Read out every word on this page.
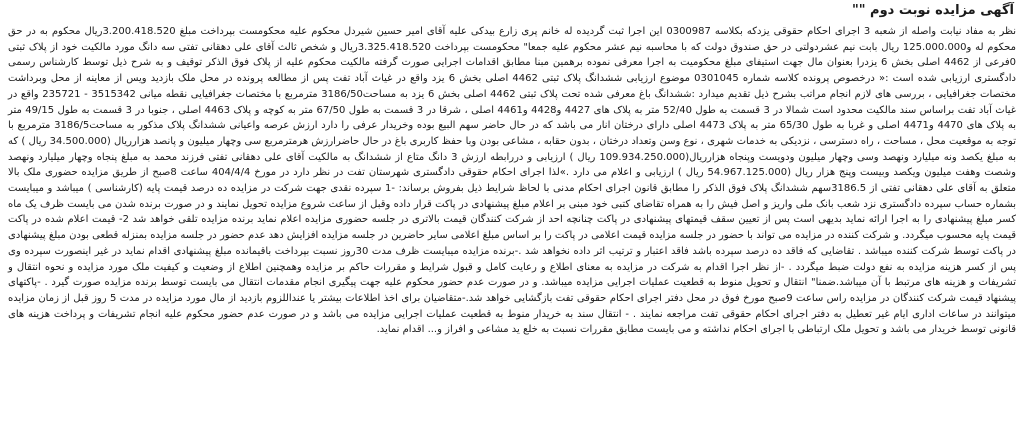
آگهی مزایده نوبت دوم ""
نظر به مفاد نیابت واصله از شعبه 3 اجرای احکام حقوقی یزدکه بکلاسه 0300987 این اجرا ثبت گردیده له خانم پری زارع بیدکی علیه آقای امیر حسین شیردل محکوم علیه محکومست بپرداخت مبلغ 3.200.418.520ریال محکوم به در حق محکوم له و125.000.000 ریال بابت نیم عشردولتی در حق صندوق دولت که با محاسبه نیم عشر محکوم علیه جمعا" محکومست بپرداخت 3.325.418.520ریال و شخص ثالث آقای علی دهقانی تفتی سه دانگ مورد مالکیت خود از پلاک ثبتی 0فرعی از 4462 اصلی بخش 6 یزدرا بعنوان مال جهت استیفای مبلغ محکومیت به اجرا معرفی نموده برهمین مبنا مطابق اقدامات اجرایی صورت گرفته مالکیت محکوم علیه از پلاک فوق الذکر توقیف و به شرح ذیل توسط کارشناس رسمی دادگستری ارزیابی شده است :« درخصوص پرونده کلاسه شماره 0301045 موضوع ارزیابی ششدانگ پلاک ثبتی 4462 اصلی بخش 6 یزد واقع در غیاث آباد تفت پس از مطالعه پرونده در محل ملک بازدید ویس از معاینه از محل وبرداشت مختصات جغرافیایی ، بررسی های لازم انجام مراتب بشرح ذیل تقدیم میدارد :ششدانگ باغ معرفی شده تحت پلاک ثبتی 4462 اصلی بخش 6 یزد به مساحت3186/50 مترمربع با مختصات جغرافیایی نقطه میانی 3515342 - 235721 واقع در غیاث آباد تفت براساس سند مالکیت محدود است شمالا در 3 قسمت به طول 52/40 متر به پلاک های 4427 و4428 و4461 اصلی ، شرقا در 3 قسمت به طول 67/50 متر به کوچه و پلاک 4463 اصلی ، جنوبا در 3 قسمت به طول 49/15 متر به پلاک های 4470 و4471 اصلی و غربا به طول 65/30 متر به پلاک 4473 اصلی دارای درختان انار می باشد که در حال حاضر سهم البیع بوده وخریدار عرفی را دارد ارزش عرصه واعیانی ششدانگ پلاک مذکور به مساحت3186/5 مترمربع با توجه به موقعیت محل ، مساحت ، راه دسترسی ، نزدیکی به خدمات شهری ، نوع وسن وتعداد درختان ، بدون حقابه ، مشاعی بودن وبا حفظ کاربری باغ در حال حاضرارزش هرمترمربع سی وچهار میلیون و پانصد هزارریال (34.500.000 ریال ) که به مبلغ یکصد ونه میلیارد ونهصد وسی وچهار میلیون ودویست وپنجاه هزارریال(109.934.250.000 ریال ) ارزیابی و دررابطه ارزش 3 دانگ متاع از ششدانگ به مالکیت آقای علی دهقانی تفتی فرزند محمد به مبلغ پنجاه وچهار میلیارد ونهصد وشصت وهفت میلیون ویکصد وبیست وپنج هزار ریال (54.967.125.000 ریال ) ارزیابی و اعلام می دارد .»لذا اجرای احکام حقوقی دادگستری شهرستان تفت در نظر دارد در مورخ 404/4/4 ساعت 8صبح از طریق مزایده حضوری ملک بالا متعلق به آقای علی دهقانی تفتی از 3186.5سهم ششدانگ پلاک فوق الذکر را مطابق قانون اجرای احکام مدنی با لحاظ شرایط ذیل بفروش برساند: -1 سپرده نقدی جهت شرکت در مزایده ده درصد قیمت پایه (کارشناسی ) میباشد و میبایست بشماره حساب سپرده دادگستری نزد شعب بانک ملی واریز و اصل فیش را به همراه تقاضای کتبی خود مبنی بر اعلام مبلغ پیشنهادی در پاکت قرار داده وقبل از ساعت شروع مزایده تحویل نمایند و در صورت برنده شدن می بایست ظرف یک ماه کسر مبلغ پیشنهادی را به اجرا ارائه نماید بدیهی است پس از تعیین سقف قیمتهای پیشنهادی در پاکت چنانچه احد از شرکت کنندگان قیمت بالاتری در جلسه حضوری مزایده اعلام نماید برنده مزایده تلقی خواهد شد 2- قیمت اعلام شده در پاکت قیمت پایه محسوب میگردد. و شرکت کننده در مزایده می تواند با حضور در جلسه مزایده قیمت اعلامی در پاکت را بر اساس مبلغ اعلامی سایر حاضرین در جلسه مزایده افزایش دهد عدم حضور در جلسه مزایده بمنزله قطعی بودن مبلغ پیشنهادی در پاکت توسط شرکت کننده میباشد . تقاضایی که فاقد ده درصد سپرده باشد فاقد اعتبار و ترتیب اثر داده نخواهد شد .-برنده مزایده میبایست ظرف مدت 30روز نسبت بپرداخت باقیمانده مبلغ پیشنهادی اقدام نماید در غیر اینصورت سپرده وی پس از کسر هزینه مزایده به نفع دولت ضبط میگردد . -از نظر اجرا اقدام به شرکت در مزایده به معنای اطلاع و رعایت کامل و قبول شرایط و مقررات حاکم بر مزایده وهمچنین اطلاع از وضعیت و کیفیت ملک مورد مزایده و نحوه انتقال و تشریفات و هزینه های مرتبط با آن میباشد.ضمنا" انتقال و تحویل منوط به قطعیت عملیات اجرایی مزایده میباشد. و در صورت عدم حضور محکوم علیه جهت پیگیری انجام مقدمات انتقال می بایست توسط برنده مزایده صورت گیرد . -پاکتهای پیشنهاد قیمت شرکت کنندگان در مزایده راس ساعت 9صبح مورخ فوق در محل دفتر اجرای احکام حقوقی تفت بازگشایی خواهد شد.-متقاضیان برای اخذ اطلاعات بیشتر یا عنداللزوم بازدید از مال مورد مزایده در مدت 5 روز قبل از زمان مزایده میتوانند در ساعات اداری ایام غیر تعطیل به دفتر اجرای احکام حقوقی تفت مراجعه نمایند . - انتقال سند به خریدار منوط به قطعیت عملیات اجرایی مزایده می باشد و در صورت عدم حضور محکوم علیه انجام تشریفات و پرداخت هزینه های قانونی توسط خریدار می باشد و تحویل ملک ارتباطی با اجرای احکام نداشته و می بایست مطابق مقررات نسبت به خلع ید مشاعی و افراز و... اقدام نماید.
